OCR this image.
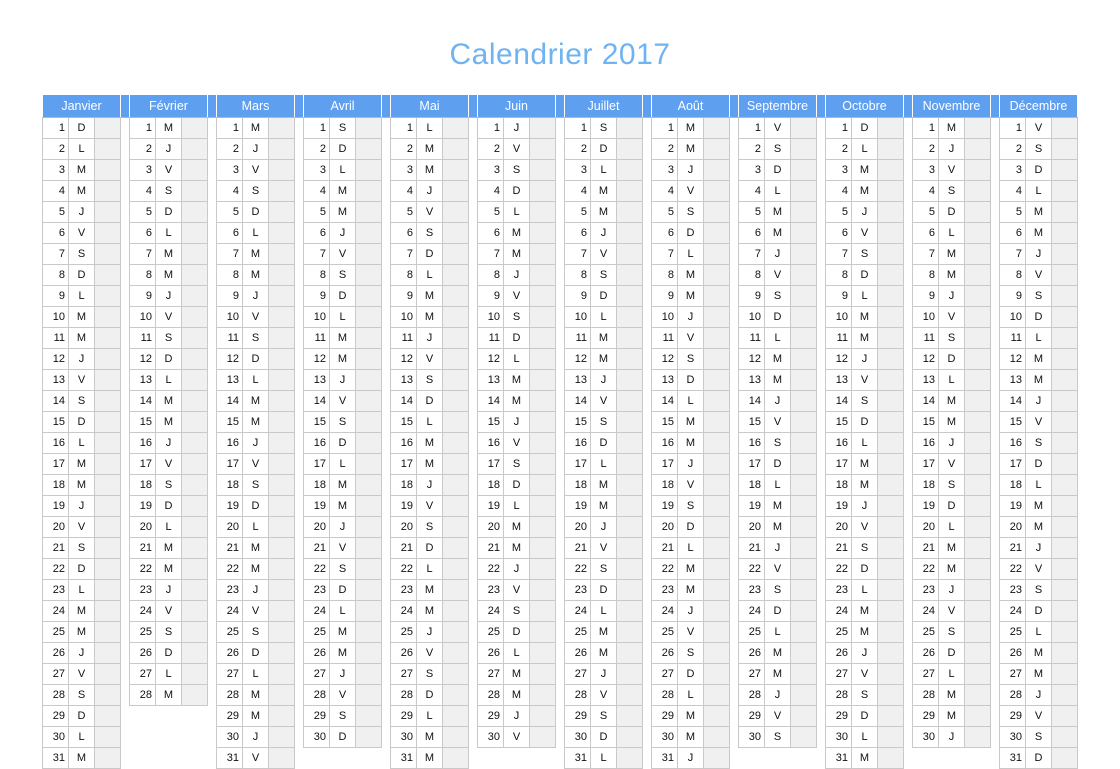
Calendrier 2017
Janvier				Février				Mars				Avril				Mai				Juin				Juillet				Août				Septembre				Octobre				Novembre				Décembre		
1	D			1	M			1	M			1	S			1	L			1	J			1	S			1	M			1	V			1	D			1	M			1	V	
2	L			2	J			2	J			2	D			2	M			2	V			2	D			2	M			2	S			2	L			2	J			2	S	
3	M			3	V			3	V			3	L			3	M			3	S			3	L			3	J			3	D			3	M			3	V			3	D	
4	M			4	S			4	S			4	M			4	J			4	D			4	M			4	V			4	L			4	M			4	S			4	L	
5	J			5	D			5	D			5	M			5	V			5	L			5	M			5	S			5	M			5	J			5	D			5	M	
6	V			6	L			6	L			6	J			6	S			6	M			6	J			6	D			6	M			6	V			6	L			6	M	
7	S			7	M			7	M			7	V			7	D			7	M			7	V			7	L			7	J			7	S			7	M			7	J	
8	D			8	M			8	M			8	S			8	L			8	J			8	S			8	M			8	V			8	D			8	M			8	V	
9	L			9	J			9	J			9	D			9	M			9	V			9	D			9	M			9	S			9	L			9	J			9	S	
10	M			10	V			10	V			10	L			10	M			10	S			10	L			10	J			10	D			10	M			10	V			10	D	
11	M			11	S			11	S			11	M			11	J			11	D			11	M			11	V			11	L			11	M			11	S			11	L	
12	J			12	D			12	D			12	M			12	V			12	L			12	M			12	S			12	M			12	J			12	D			12	M	
13	V			13	L			13	L			13	J			13	S			13	M			13	J			13	D			13	M			13	V			13	L			13	M	
14	S			14	M			14	M			14	V			14	D			14	M			14	V			14	L			14	J			14	S			14	M			14	J	
15	D			15	M			15	M			15	S			15	L			15	J			15	S			15	M			15	V			15	D			15	M			15	V	
16	L			16	J			16	J			16	D			16	M			16	V			16	D			16	M			16	S			16	L			16	J			16	S	
17	M			17	V			17	V			17	L			17	M			17	S			17	L			17	J			17	D			17	M			17	V			17	D	
18	M			18	S			18	S			18	M			18	J			18	D			18	M			18	V			18	L			18	M			18	S			18	L	
19	J			19	D			19	D			19	M			19	V			19	L			19	M			19	S			19	M			19	J			19	D			19	M	
20	V			20	L			20	L			20	J			20	S			20	M			20	J			20	D			20	M			20	V			20	L			20	M	
21	S			21	M			21	M			21	V			21	D			21	M			21	V			21	L			21	J			21	S			21	M			21	J	
22	D			22	M			22	M			22	S			22	L			22	J			22	S			22	M			22	V			22	D			22	M			22	V	
23	L			23	J			23	J			23	D			23	M			23	V			23	D			23	M			23	S			23	L			23	J			23	S	
24	M			24	V			24	V			24	L			24	M			24	S			24	L			24	J			24	D			24	M			24	V			24	D	
25	M			25	S			25	S			25	M			25	J			25	D			25	M			25	V			25	L			25	M			25	S			25	L	
26	J			26	D			26	D			26	M			26	V			26	L			26	M			26	S			26	M			26	J			26	D			26	M	
27	V			27	L			27	L			27	J			27	S			27	M			27	J			27	D			27	M			27	V			27	L			27	M	
28	S			28	M			28	M			28	V			28	D			28	M			28	V			28	L			28	J			28	S			28	M			28	J	
29	D							29	M			29	S			29	L			29	J			29	S			29	M			29	V			29	D			29	M			29	V	
30	L							30	J			30	D			30	M			30	V			30	D			30	M			30	S			30	L			30	J			30	S	
31	M							31	V							31	M							31	L			31	J							31	M							31	D	
